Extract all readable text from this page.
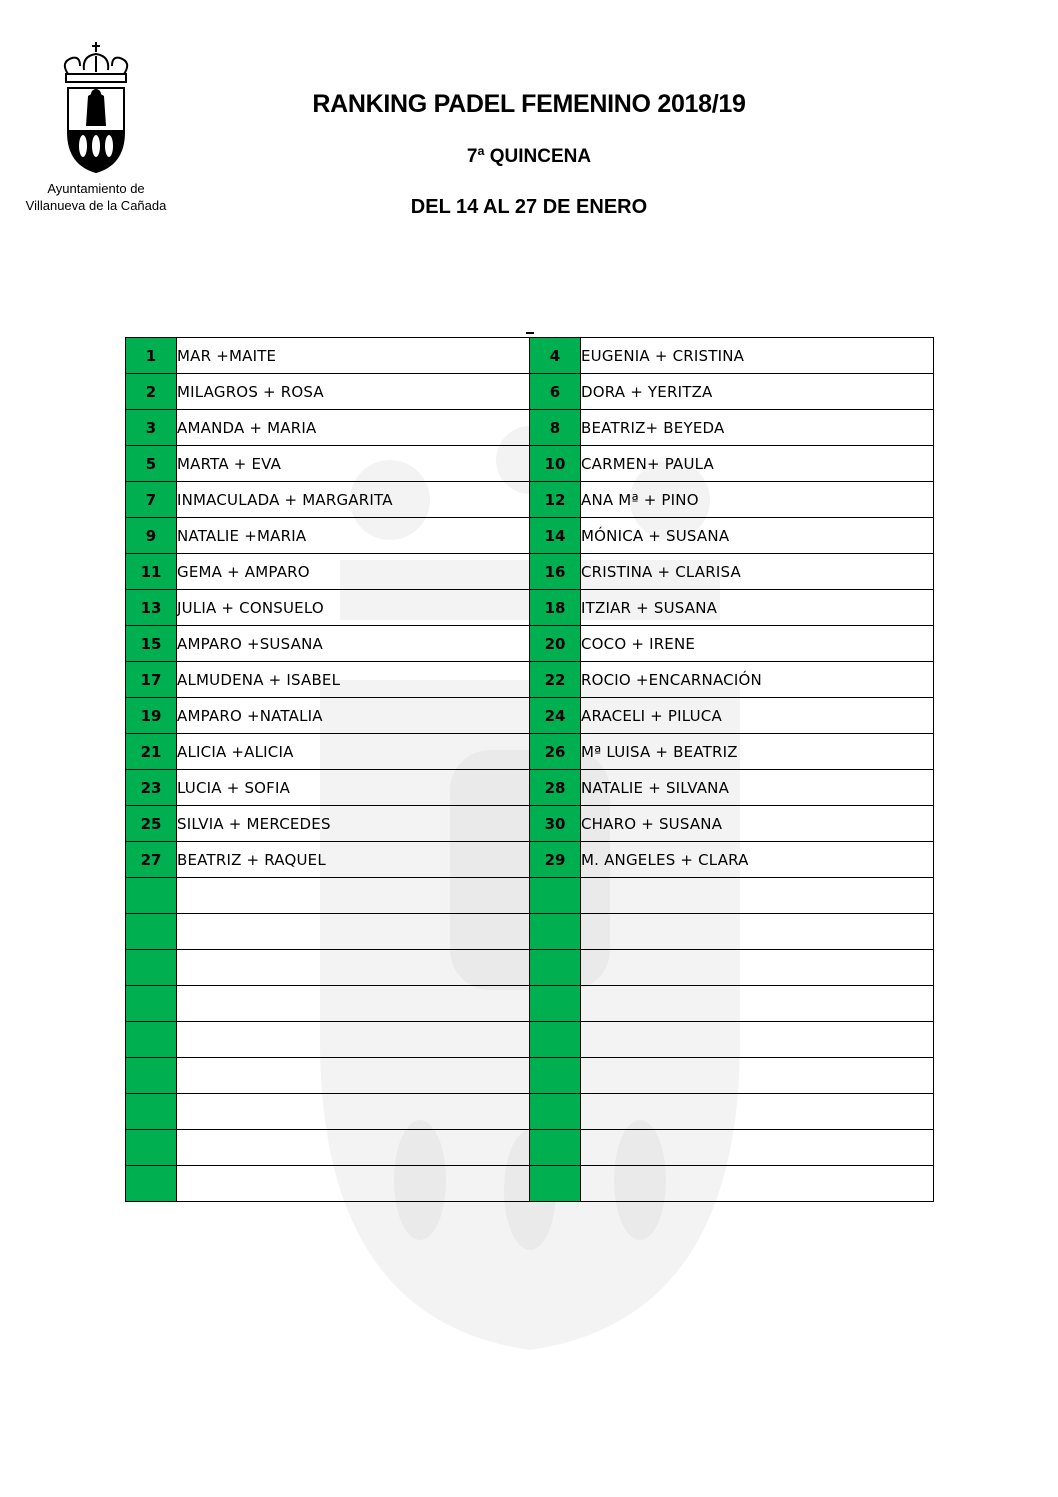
Ayuntamiento de
Villanueva de la Cañada
RANKING PADEL FEMENINO 2018/19
7ª QUINCENA
DEL 14 AL 27 DE ENERO
1	MAR +MAITE	4	EUGENIA + CRISTINA
2	MILAGROS + ROSA	6	DORA + YERITZA
3	AMANDA + MARIA	8	BEATRIZ+ BEYEDA
5	MARTA + EVA	10	CARMEN+ PAULA
7	INMACULADA + MARGARITA	12	ANA Mª + PINO
9	NATALIE +MARIA	14	MÓNICA + SUSANA
11	GEMA + AMPARO	16	CRISTINA + CLARISA
13	JULIA + CONSUELO	18	ITZIAR + SUSANA
15	AMPARO +SUSANA	20	COCO + IRENE
17	ALMUDENA + ISABEL	22	ROCIO +ENCARNACIÓN
19	AMPARO +NATALIA	24	ARACELI + PILUCA
21	ALICIA +ALICIA	26	Mª LUISA + BEATRIZ
23	LUCIA + SOFIA	28	NATALIE + SILVANA
25	SILVIA + MERCEDES	30	CHARO + SUSANA
27	BEATRIZ + RAQUEL	29	M. ANGELES + CLARA
